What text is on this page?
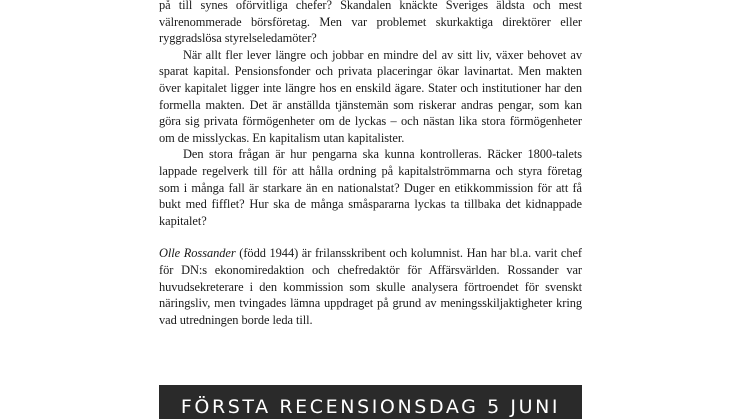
på till synes oförvitliga chefer? Skandalen knäckte Sveriges äldsta och mest välrenommerade börsföretag. Men var problemet skurkaktiga direktörer eller ryggradslösa styrelseledamöter?

När allt fler lever längre och jobbar en mindre del av sitt liv, växer behovet av sparat kapital. Pensionsfonder och privata placeringar ökar lavinartat. Men makten över kapitalet ligger inte längre hos en enskild ägare. Stater och institutioner har den formella makten. Det är anställda tjänstemän som riskerar andras pengar, som kan göra sig privata förmögenheter om de lyckas – och nästan lika stora förmögenheter om de misslyckas. En kapitalism utan kapitalister.

Den stora frågan är hur pengarna ska kunna kontrolleras. Räcker 1800-talets lappade regelverk till för att hålla ordning på kapitalströmmarna och styra företag som i många fall är starkare än en nationalstat? Duger en etikkommission för att få bukt med fifflet? Hur ska de många småspararna lyckas ta tillbaka det kidnappade kapitalet?

Olle Rossander (född 1944) är frilansskribent och kolumnist. Han har bl.a. varit chef för DN:s ekonomiredaktion och chefredaktör för Affärsvärlden. Rossander var huvudsekreterare i den kommission som skulle analysera förtroendet för svenskt näringsliv, men tvingades lämna uppdraget på grund av meningsskiljaktigheter kring vad utredningen borde leda till.

FÖRSTA RECENSIONSDAG 5 JUNI
